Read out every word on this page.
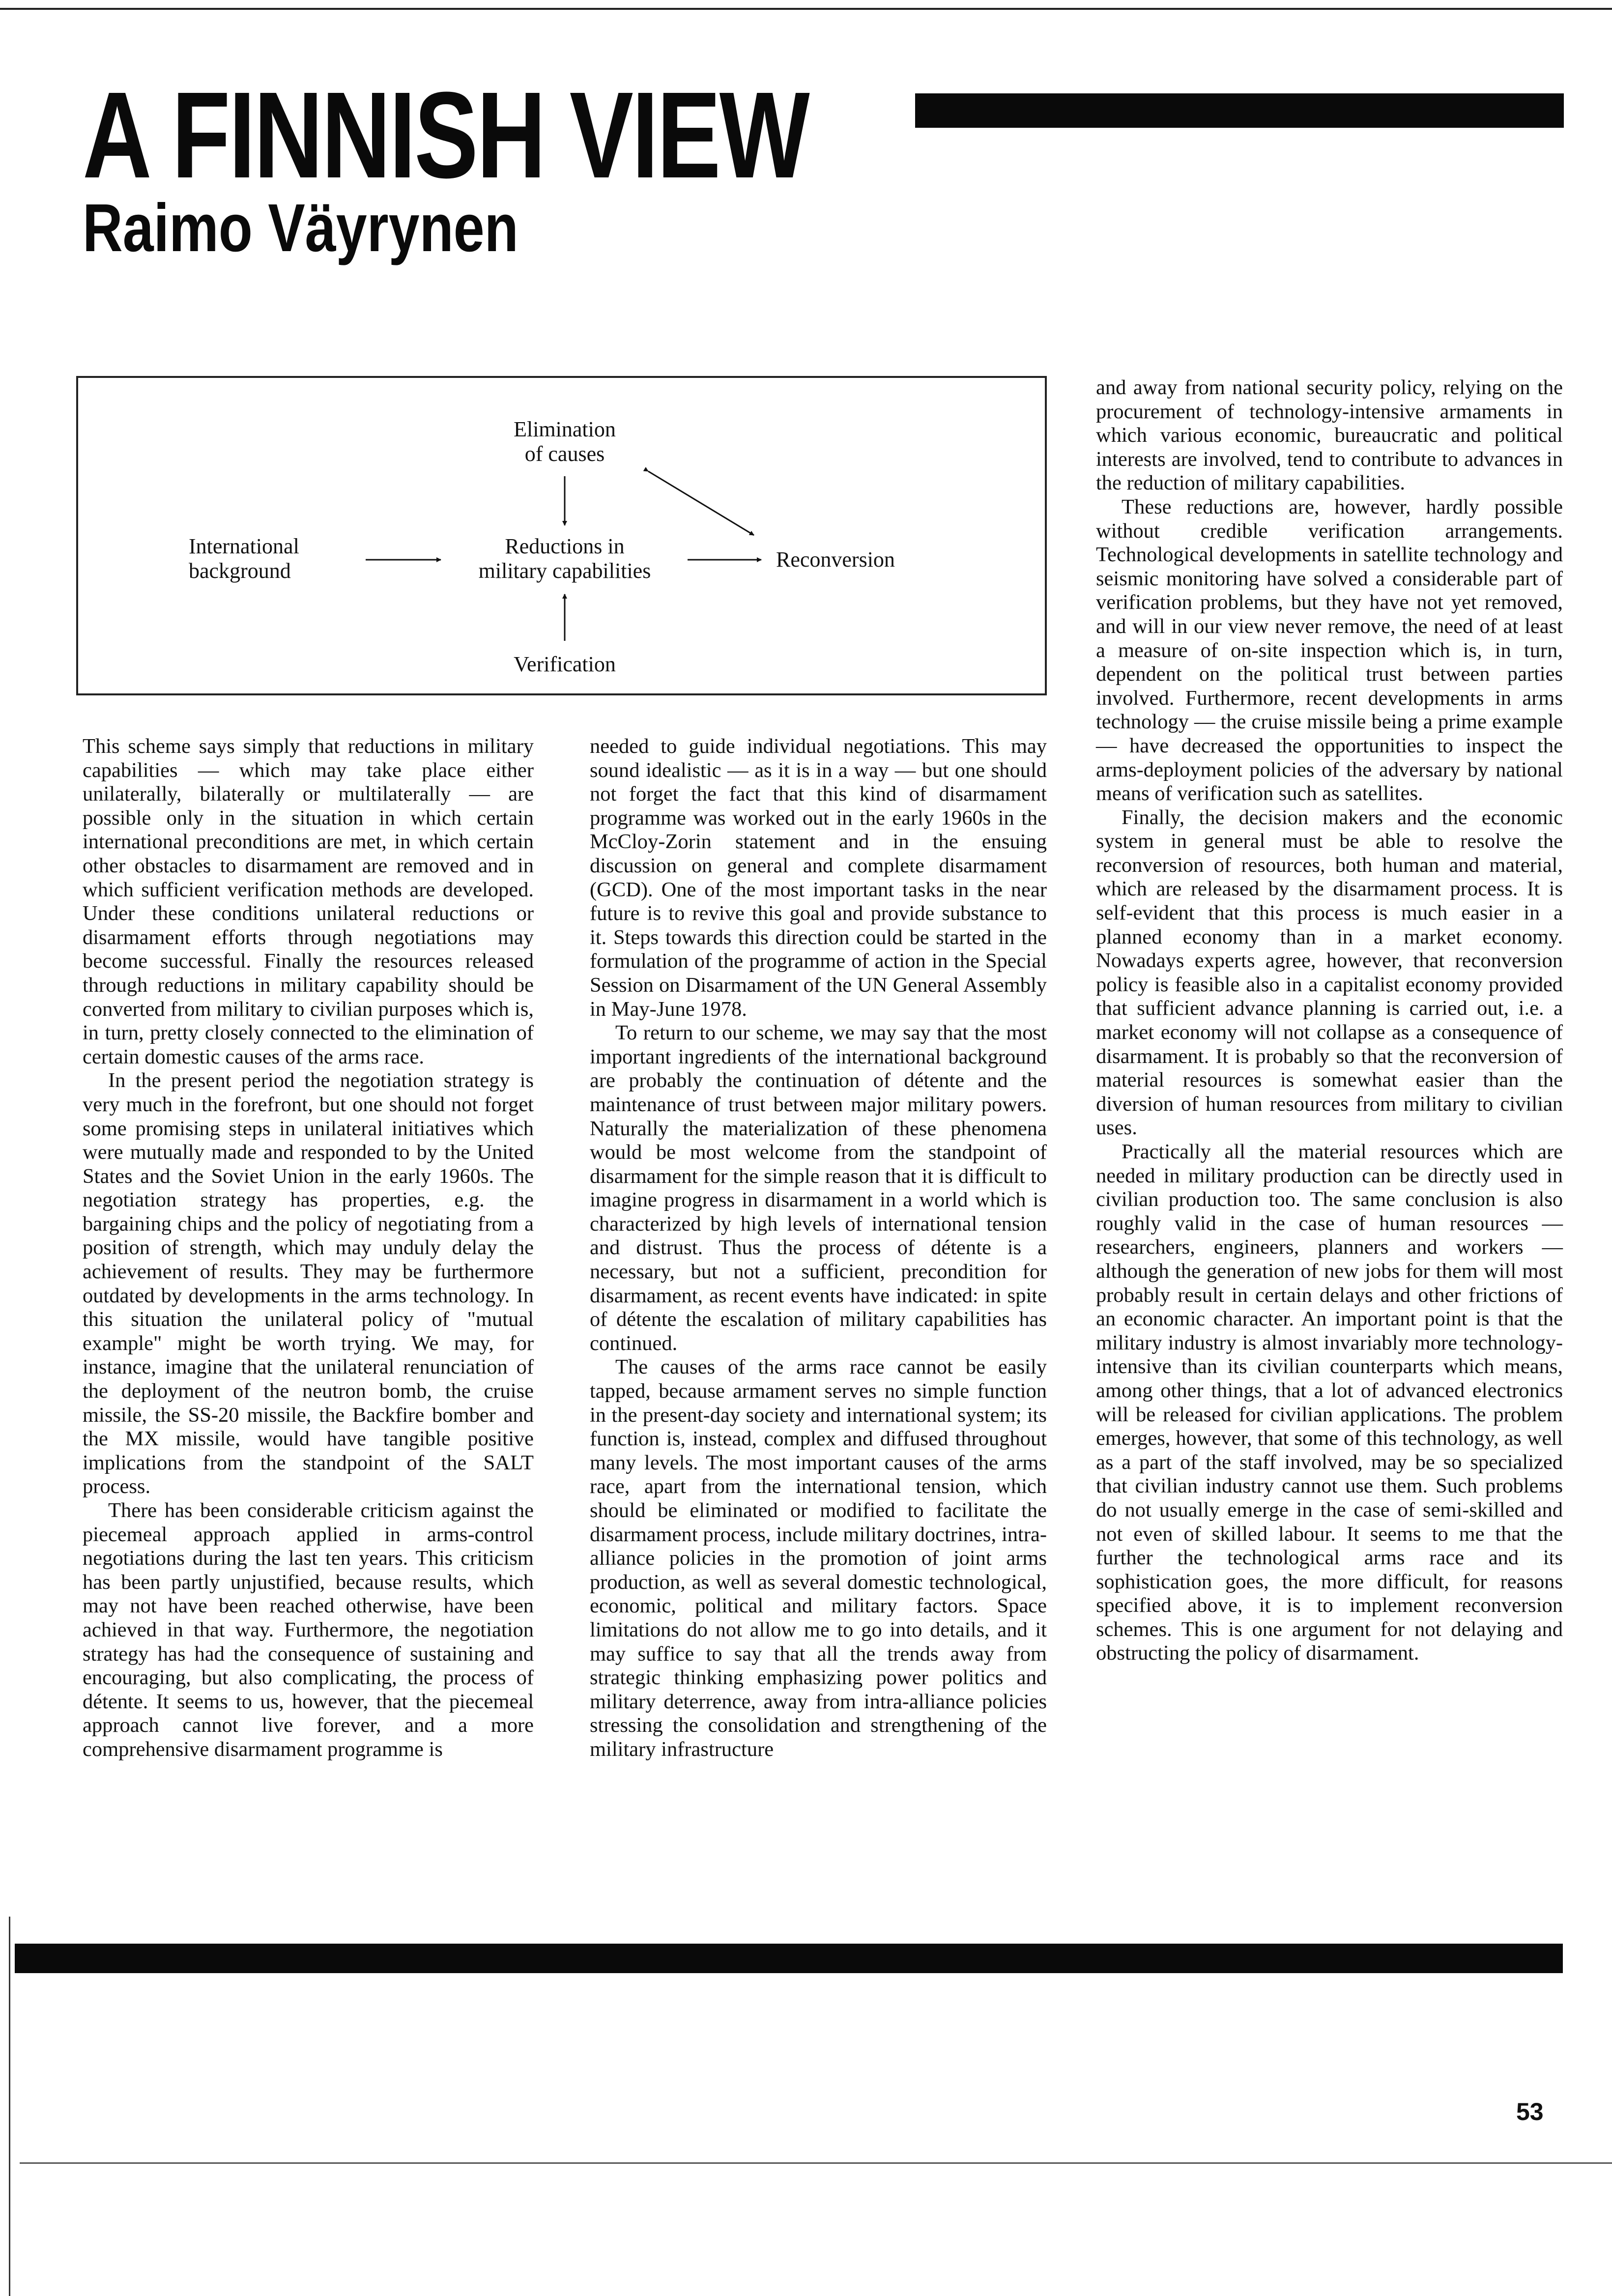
A FINNISH VIEW
Raimo Väyrynen
Elimination
of causes
International
background
Reductions in
military capabilities	Reconversion
Verification

This scheme says simply that reductions in military capabilities — which may take place either unilaterally, bilaterally or multilaterally — are possible only in the situation in which certain international preconditions are met, in which certain other obstacles to disarmament are removed and in which sufficient verification methods are developed. Under these conditions unilateral reductions or disarmament efforts through negotiations may become successful. Finally the resources released through reductions in military capability should be converted from military to civilian purposes which is, in turn, pretty closely connected to the elimination of certain domestic causes of the arms race.

In the present period the negotiation strategy is very much in the forefront, but one should not forget some promising steps in unilateral initiatives which were mutually made and responded to by the United States and the Soviet Union in the early 1960s. The negotiation strategy has properties, e.g. the bargaining chips and the policy of negotiating from a position of strength, which may unduly delay the achievement of results. They may be furthermore outdated by developments in the arms technology. In this situation the unilateral policy of "mutual example" might be worth trying. We may, for instance, imagine that the unilateral renunciation of the deployment of the neutron bomb, the cruise missile, the SS-20 missile, the Backfire bomber and the MX missile, would have tangible positive implications from the standpoint of the SALT process.

There has been considerable criticism against the piecemeal approach applied in arms-control negotiations during the last ten years. This criticism has been partly unjustified, because results, which may not have been reached otherwise, have been achieved in that way. Furthermore, the negotiation strategy has had the consequence of sustaining and encouraging, but also complicating, the process of détente. It seems to us, however, that the piecemeal approach cannot live forever, and a more comprehensive disarmament programme is

needed to guide individual negotiations. This may sound idealistic — as it is in a way — but one should not forget the fact that this kind of disarmament programme was worked out in the early 1960s in the McCloy-Zorin statement and in the ensuing discussion on general and complete disarmament (GCD). One of the most important tasks in the near future is to revive this goal and provide substance to it. Steps towards this direction could be started in the formulation of the programme of action in the Special Session on Disarmament of the UN General Assembly in May-June 1978.

To return to our scheme, we may say that the most important ingredients of the international background are probably the continuation of détente and the maintenance of trust between major military powers. Naturally the materialization of these phenomena would be most welcome from the standpoint of disarmament for the simple reason that it is difficult to imagine progress in disarmament in a world which is characterized by high levels of international tension and distrust. Thus the process of détente is a necessary, but not a sufficient, precondition for disarmament, as recent events have indicated: in spite of détente the escalation of military capabilities has continued.

The causes of the arms race cannot be easily tapped, because armament serves no simple function in the present-day society and international system; its function is, instead, complex and diffused throughout many levels. The most important causes of the arms race, apart from the international tension, which should be eliminated or modified to facilitate the disarmament process, include military doctrines, intra-alliance policies in the promotion of joint arms production, as well as several domestic technological, economic, political and military factors. Space limitations do not allow me to go into details, and it may suffice to say that all the trends away from strategic thinking emphasizing power politics and military deterrence, away from intra-alliance policies stressing the consolidation and strengthening of the military infrastructure

and away from national security policy, relying on the procurement of technology-intensive armaments in which various economic, bureaucratic and political interests are involved, tend to contribute to advances in the reduction of military capabilities.

These reductions are, however, hardly possible without credible verification arrangements. Technological developments in satellite technology and seismic monitoring have solved a considerable part of verification problems, but they have not yet removed, and will in our view never remove, the need of at least a measure of on-site inspection which is, in turn, dependent on the political trust between parties involved. Furthermore, recent developments in arms technology — the cruise missile being a prime example — have decreased the opportunities to inspect the arms-deployment policies of the adversary by national means of verification such as satellites.

Finally, the decision makers and the economic system in general must be able to resolve the reconversion of resources, both human and material, which are released by the disarmament process. It is self-evident that this process is much easier in a planned economy than in a market economy. Nowadays experts agree, however, that reconversion policy is feasible also in a capitalist economy provided that sufficient advance planning is carried out, i.e. a market economy will not collapse as a consequence of disarmament. It is probably so that the reconversion of material resources is somewhat easier than the diversion of human resources from military to civilian uses.

Practically all the material resources which are needed in military production can be directly used in civilian production too. The same conclusion is also roughly valid in the case of human resources — researchers, engineers, planners and workers — although the generation of new jobs for them will most probably result in certain delays and other frictions of an economic character. An important point is that the military industry is almost invariably more technology-intensive than its civilian counterparts which means, among other things, that a lot of advanced electronics will be released for civilian applications. The problem emerges, however, that some of this technology, as well as a part of the staff involved, may be so specialized that civilian industry cannot use them. Such problems do not usually emerge in the case of semi-skilled and not even of skilled labour. It seems to me that the further the technological arms race and its sophistication goes, the more difficult, for reasons specified above, it is to implement reconversion schemes. This is one argument for not delaying and obstructing the policy of disarmament.

53
